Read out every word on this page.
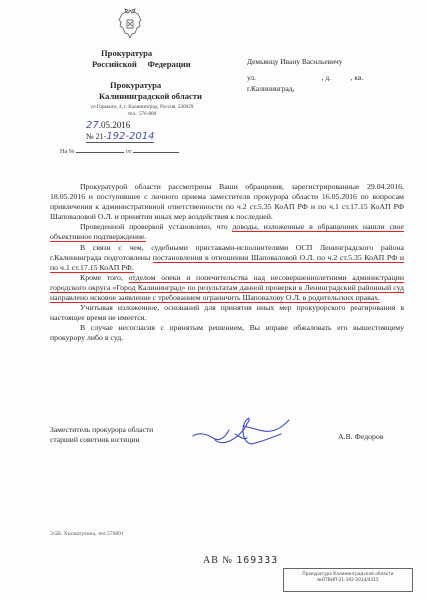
Прокуратура
Российской     Федерации
Прокуратура
Калининградской области
ул.Горького, 4, г. Калининград, Россия, 236029
тел.: 576-800
27.05.2016  № 21-192-2014
На №	от
Демьянцу Ивану Васильевичу
ул.	, д.	, кв.
г.Калининград,

Прокуратурой области рассмотрены Ваши обращения, зарегистрированные 29.04.2016, 18.05.2016 и поступившее с личного приема заместителя прокурора области 16.05.2016 по вопросам привлечения к административной ответственности по ч.2 ст.5.35 КоАП РФ и по ч.1 ст.17.15 КоАП РФ Шаповаловой О.Л. и принятии иных мер воздействия к последней.

Проведенной проверкой установлено, что доводы, изложенные в обращениях нашли свое объективное подтверждение.

В связи с чем, судебными приставами-исполнителями ОСП Ленинградского района г.Калининграда подготовлены постановления в отношении Шаповаловой О.Л. по ч.2 ст.5.35 КоАП РФ и по ч.1 ст.17.15 КоАП РФ.

Кроме того, отделом опеки и попечительства над несовершеннолетними администрации городского округа «Город Калининград» по результатам данной проверки в Ленинградский районный суд направлено исковое заявление с требованием ограничить Шаповалову О.Л. в родительских правах.

Учитывая изложенное, оснований для принятия иных мер прокурорского реагирования в настоящее время не имеется.

В случае несогласия с принятым решением, Вы вправе обжаловать его вышестоящему прокурору либо в суд.

Заместитель прокурора области
старший советник юстиции	А.В. Федоров
Э.Ш. Хисматулина, тел.576891
АВ № 169333
Прокуратура Калининградской области
№ОТВНП-21-192-2014/4315
